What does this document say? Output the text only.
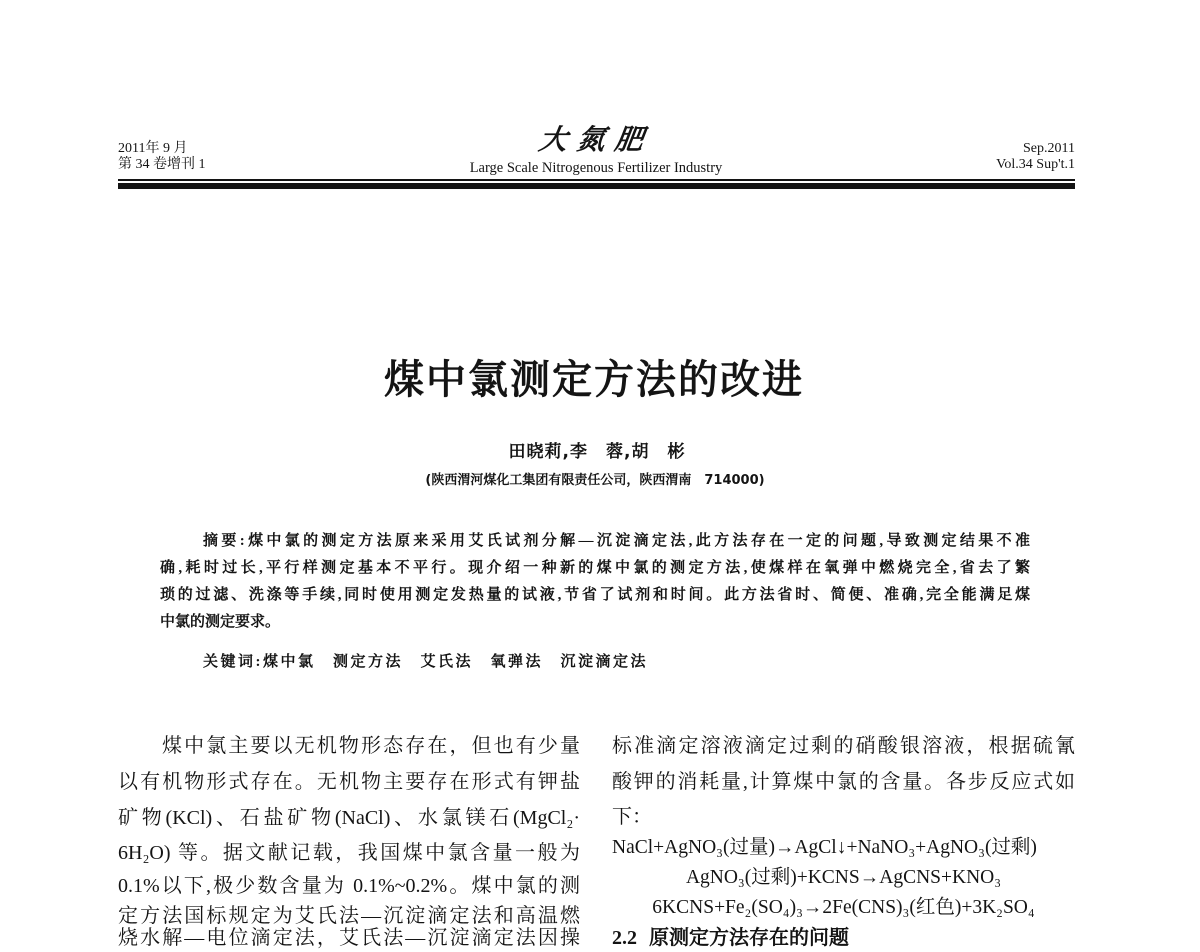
2011年 9 月
第 34 卷增刊 1
大氮肥
Large Scale Nitrogenous Fertilizer Industry
Sep.2011
Vol.34 Sup't.1
煤中氯测定方法的改进
田晓莉,李　蓉,胡　彬
(陕西渭河煤化工集团有限责任公司，陕西渭南　714000)
摘要:煤中氯的测定方法原来采用艾氏试剂分解—沉淀滴定法,此方法存在一定的问题,导致测定结果不准
确,耗时过长,平行样测定基本不平行。现介绍一种新的煤中氯的测定方法,使煤样在氧弹中燃烧完全,省去了繁
琐的过滤、洗涤等手续,同时使用测定发热量的试液,节省了试剂和时间。此方法省时、简便、准确,完全能满足煤
中氯的测定要求。
关键词:煤中氯　测定方法　艾氏法　氧弹法　沉淀滴定法
煤中氯主要以无机物形态存在，但也有少量
以有机物形式存在。无机物主要存在形式有钾盐
矿物(KCl)、石盐矿物(NaCl)、水氯镁石(MgCl₂·
6H₂O) 等。据文献记载，我国煤中氯含量一般为
0.1%以下,极少数含量为 0.1%~0.2%。煤中氯的测
定方法国标规定为艾氏法—沉淀滴定法和高温燃
烧水解—电位滴定法，艾氏法—沉淀滴定法因操
标准滴定溶液滴定过剩的硝酸银溶液，根据硫氰
酸钾的消耗量,计算煤中氯的含量。各步反应式如
下：
NaCl+AgNO₃(过量)→AgCl↓+NaNO₃+AgNO₃(过剩)
AgNO₃(过剩)+KCNS→AgCNS+KNO₃
6KCNS+Fe₂(SO₄)₃→2Fe(CNS)₃(红色)+3K₂SO₄
2.2 原测定方法存在的问题
